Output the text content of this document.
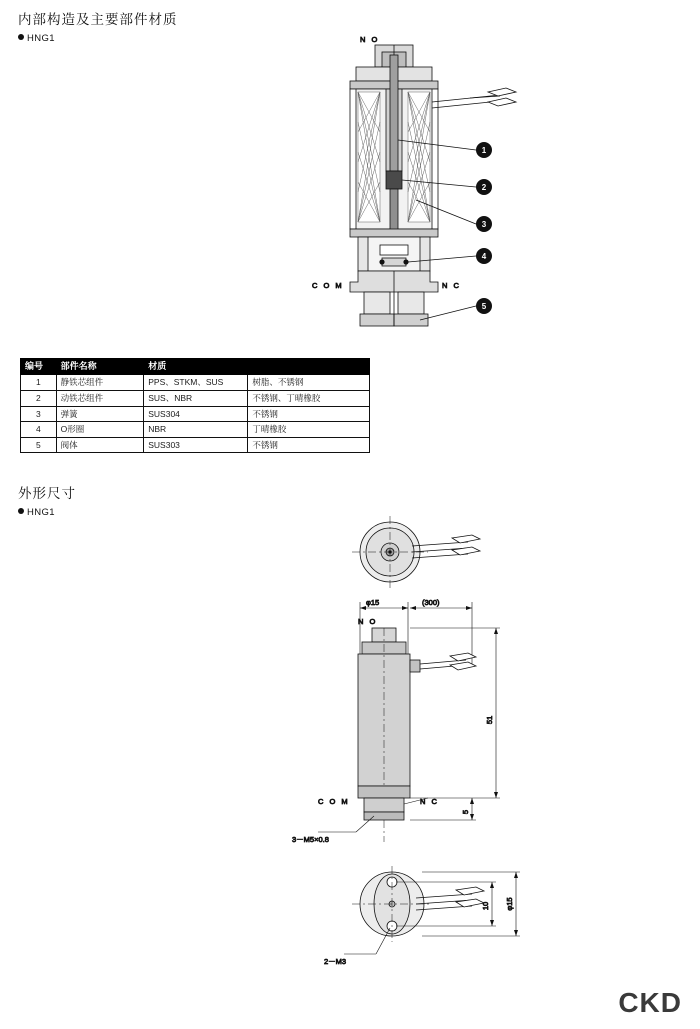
内部构造及主要部件材质
HNG1	N O
C O M	N C
1
2
3
4
5
编号	部件名称	材质	
1	静铁芯组件	PPS、STKM、SUS	树脂、不锈钢
2	动铁芯组件	SUS、NBR	不锈钢、丁晴橡胶
3	弹簧	SUS304	不锈钢
4	O形圈	NBR	丁晴橡胶
5	阀体	SUS303	不锈钢
外形尺寸
HNG1
φ15	(300)
N O
C O M	N C
51
5
3－M5×0.8
10 φ15
2－M3
CKD
